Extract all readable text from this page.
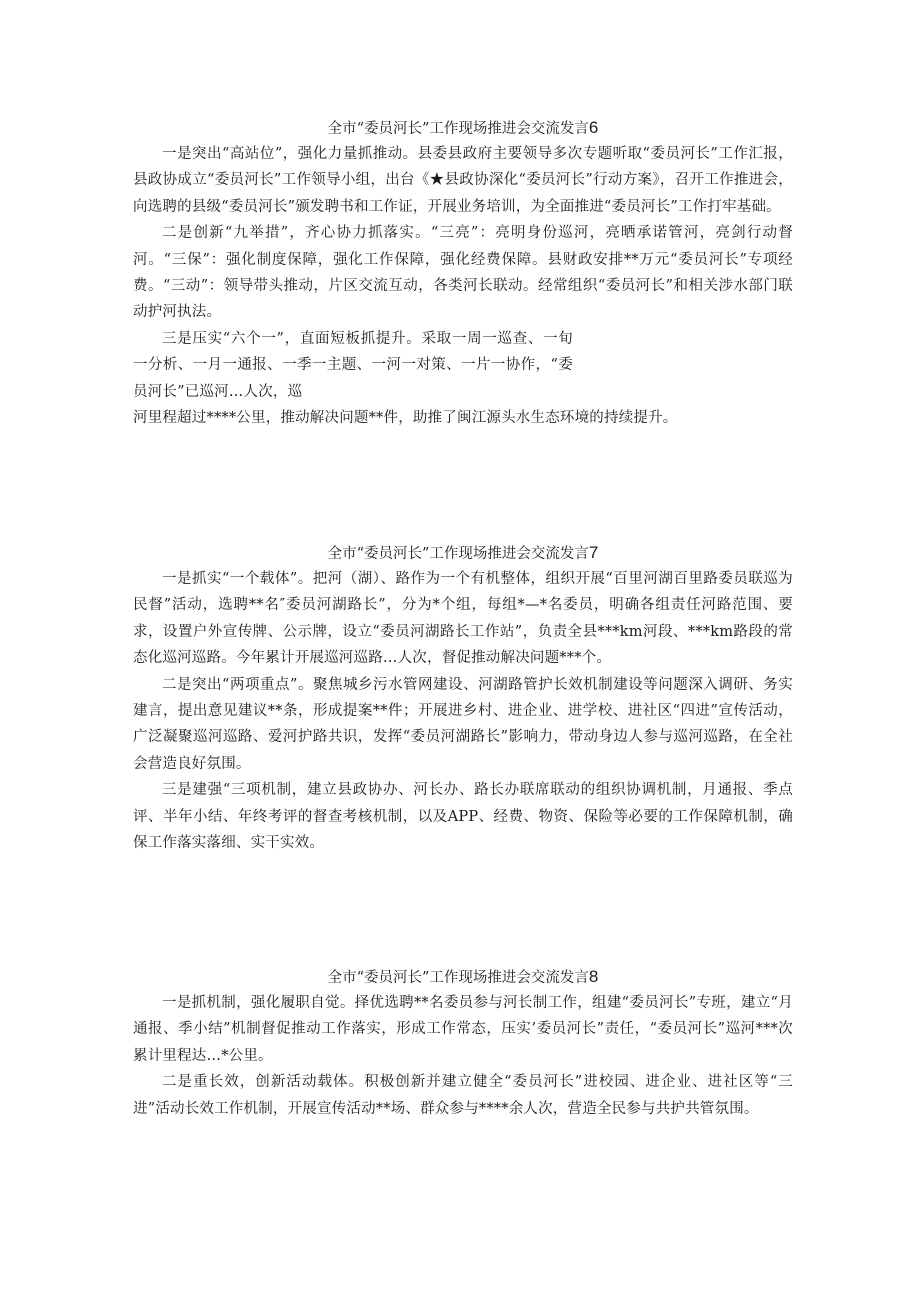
全市“委员河长”工作现场推进会交流发言6

一是突出“高站位”，强化力量抓推动。县委县政府主要领导多次专题听取“委员河长”工作汇报，县政协成立“委员河长”工作领导小组，出台《★县政协深化“委员河长”行动方案》，召开工作推进会，向选聘的县级“委员河长”颁发聘书和工作证，开展业务培训，为全面推进“委员河长”工作打牢基础。

二是创新“九举措”，齐心协力抓落实。“三亮”：亮明身份巡河，亮晒承诺管河，亮剑行动督河。“三保”：强化制度保障，强化工作保障，强化经费保障。县财政安排**万元“委员河长”专项经费。“三动”：领导带头推动，片区交流互动，各类河长联动。经常组织“委员河长”和相关涉水部门联动护河执法。

三是压实“六个一”，直面短板抓提升。采取一周一巡查、一旬一分析、一月一通报、一季一主题、一河一对策、一片一协作，“委员河长”已巡河…人次，巡

河里程超过****公里，推动解决问题**件，助推了闽江源头水生态环境的持续提升。

全市“委员河长”工作现场推进会交流发言7

一是抓实“一个载体”。把河（湖）、路作为一个有机整体，组织开展“百里河湖百里路委员联巡为民督”活动，选聘**名″委员河湖路长”，分为*个组，每组*—*名委员，明确各组责任河路范围、要求，设置户外宣传牌、公示牌，设立“委员河湖路长工作站”，负责全县***km河段、***km路段的常态化巡河巡路。今年累计开展巡河巡路…人次，督促推动解决问题***个。

二是突出“两项重点”。聚焦城乡污水管网建设、河湖路管护长效机制建设等问题深入调研、务实建言，提出意见建议**条，形成提案**件；开展进乡村、进企业、进学校、进社区“四进”宣传活动，广泛凝聚巡河巡路、爱河护路共识，发挥“委员河湖路长”影响力，带动身边人参与巡河巡路，在全社会营造良好氛围。

三是建强“三项机制，建立县政协办、河长办、路长办联席联动的组织协调机制，月通报、季点评、半年小结、年终考评的督查考核机制，以及APP、经费、物资、保险等必要的工作保障机制，确保工作落实落细、实干实效。

全市“委员河长”工作现场推进会交流发言8

一是抓机制，强化履职自觉。择优选聘**名委员参与河长制工作，组建“委员河长”专班，建立“月通报、季小结”机制督促推动工作落实，形成工作常态，压实’委员河长”责任，“委员河长”巡河***次累计里程达…*公里。

二是重长效，创新活动载体。积极创新并建立健全“委员河长”进校园、进企业、进社区等“三进”活动长效工作机制，开展宣传活动**场、群众参与****余人次，营造全民参与共护共管氛围。
